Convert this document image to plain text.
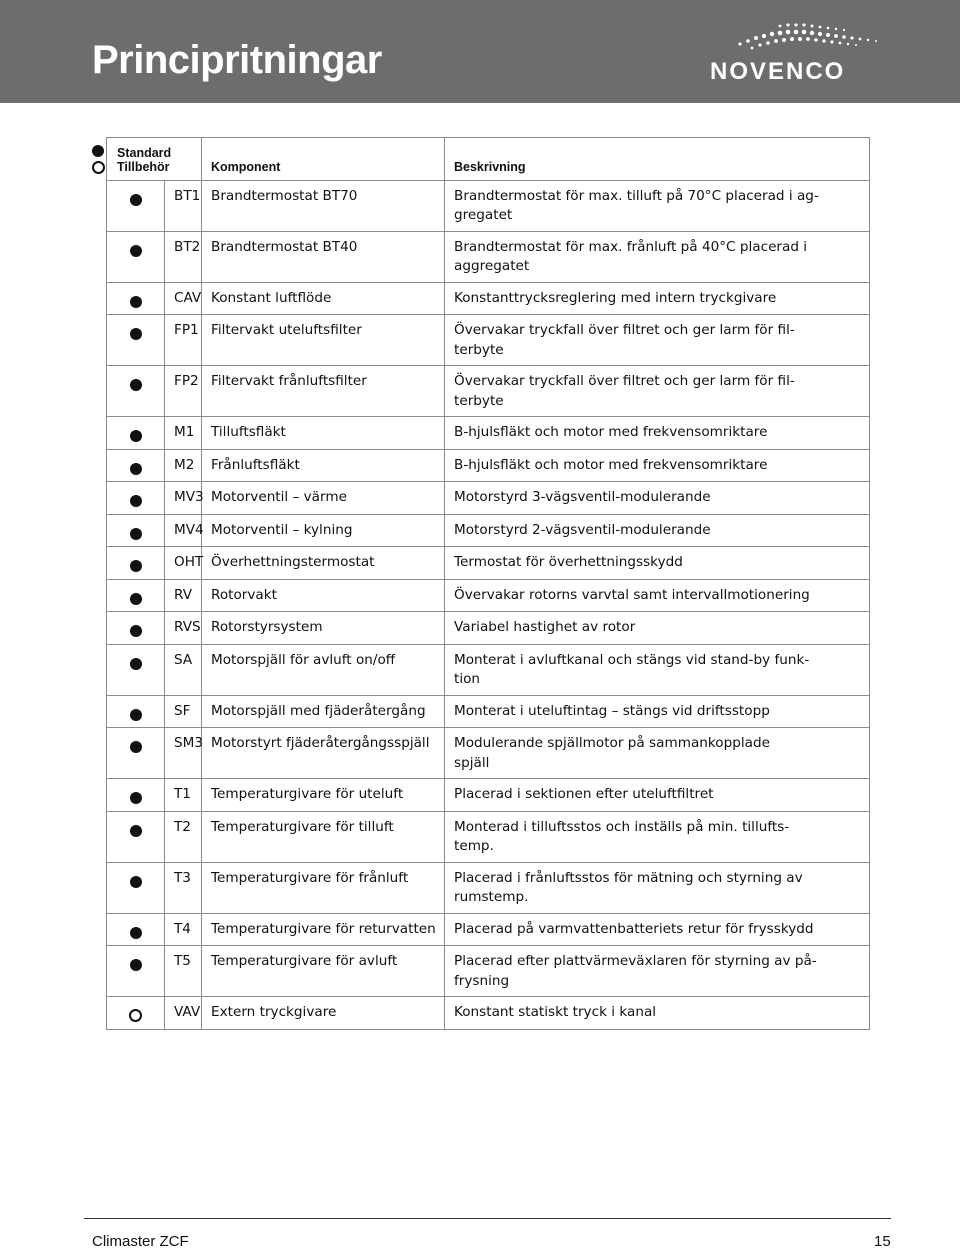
Principritningar	NOVENCO
Standard
Tillbehör		Komponent	Beskrivning
	BT1	Brandtermostat BT70	Brandtermostat för max. tilluft på 70°C placerad i ag-
gregatet
	BT2	Brandtermostat BT40	Brandtermostat för max. frånluft på 40°C placerad i
aggregatet
	CAV	Konstant luftflöde	Konstanttrycksreglering med intern tryckgivare
	FP1	Filtervakt uteluftsfilter	Övervakar tryckfall över filtret och ger larm för fil-
terbyte
	FP2	Filtervakt frånluftsfilter	Övervakar tryckfall över filtret och ger larm för fil-
terbyte
	M1	Tilluftsfläkt	B-hjulsfläkt och motor med frekvensomriktare
	M2	Frånluftsfläkt	B-hjulsfläkt och motor med frekvensomriktare
	MV3	Motorventil – värme	Motorstyrd 3-vägsventil-modulerande
	MV4	Motorventil – kylning	Motorstyrd 2-vägsventil-modulerande
	OHT	Överhettningstermostat	Termostat för överhettningsskydd
	RV	Rotorvakt	Övervakar rotorns varvtal samt intervallmotionering
	RVS	Rotorstyrsystem	Variabel hastighet av rotor
	SA	Motorspjäll för avluft on/off	Monterat i avluftkanal och stängs vid stand-by funk-
tion
	SF	Motorspjäll med fjäderåtergång	Monterat i uteluftintag – stängs vid driftsstopp
	SM3	Motorstyrt fjäderåtergångsspjäll	Modulerande spjällmotor på sammankopplade
spjäll
	T1	Temperaturgivare för uteluft	Placerad i sektionen efter uteluftfiltret
	T2	Temperaturgivare för tilluft	Monterad i tilluftsstos och inställs på min. tillufts-
temp.
	T3	Temperaturgivare för frånluft	Placerad i frånluftsstos för mätning och styrning av
rumstemp.
	T4	Temperaturgivare för returvatten	Placerad på varmvattenbatteriets retur för frysskydd
	T5	Temperaturgivare för avluft	Placerad efter plattvärmeväxlaren för styrning av på-
frysning
	VAV	Extern tryckgivare	Konstant statiskt tryck i kanal
Climaster ZCF	15
